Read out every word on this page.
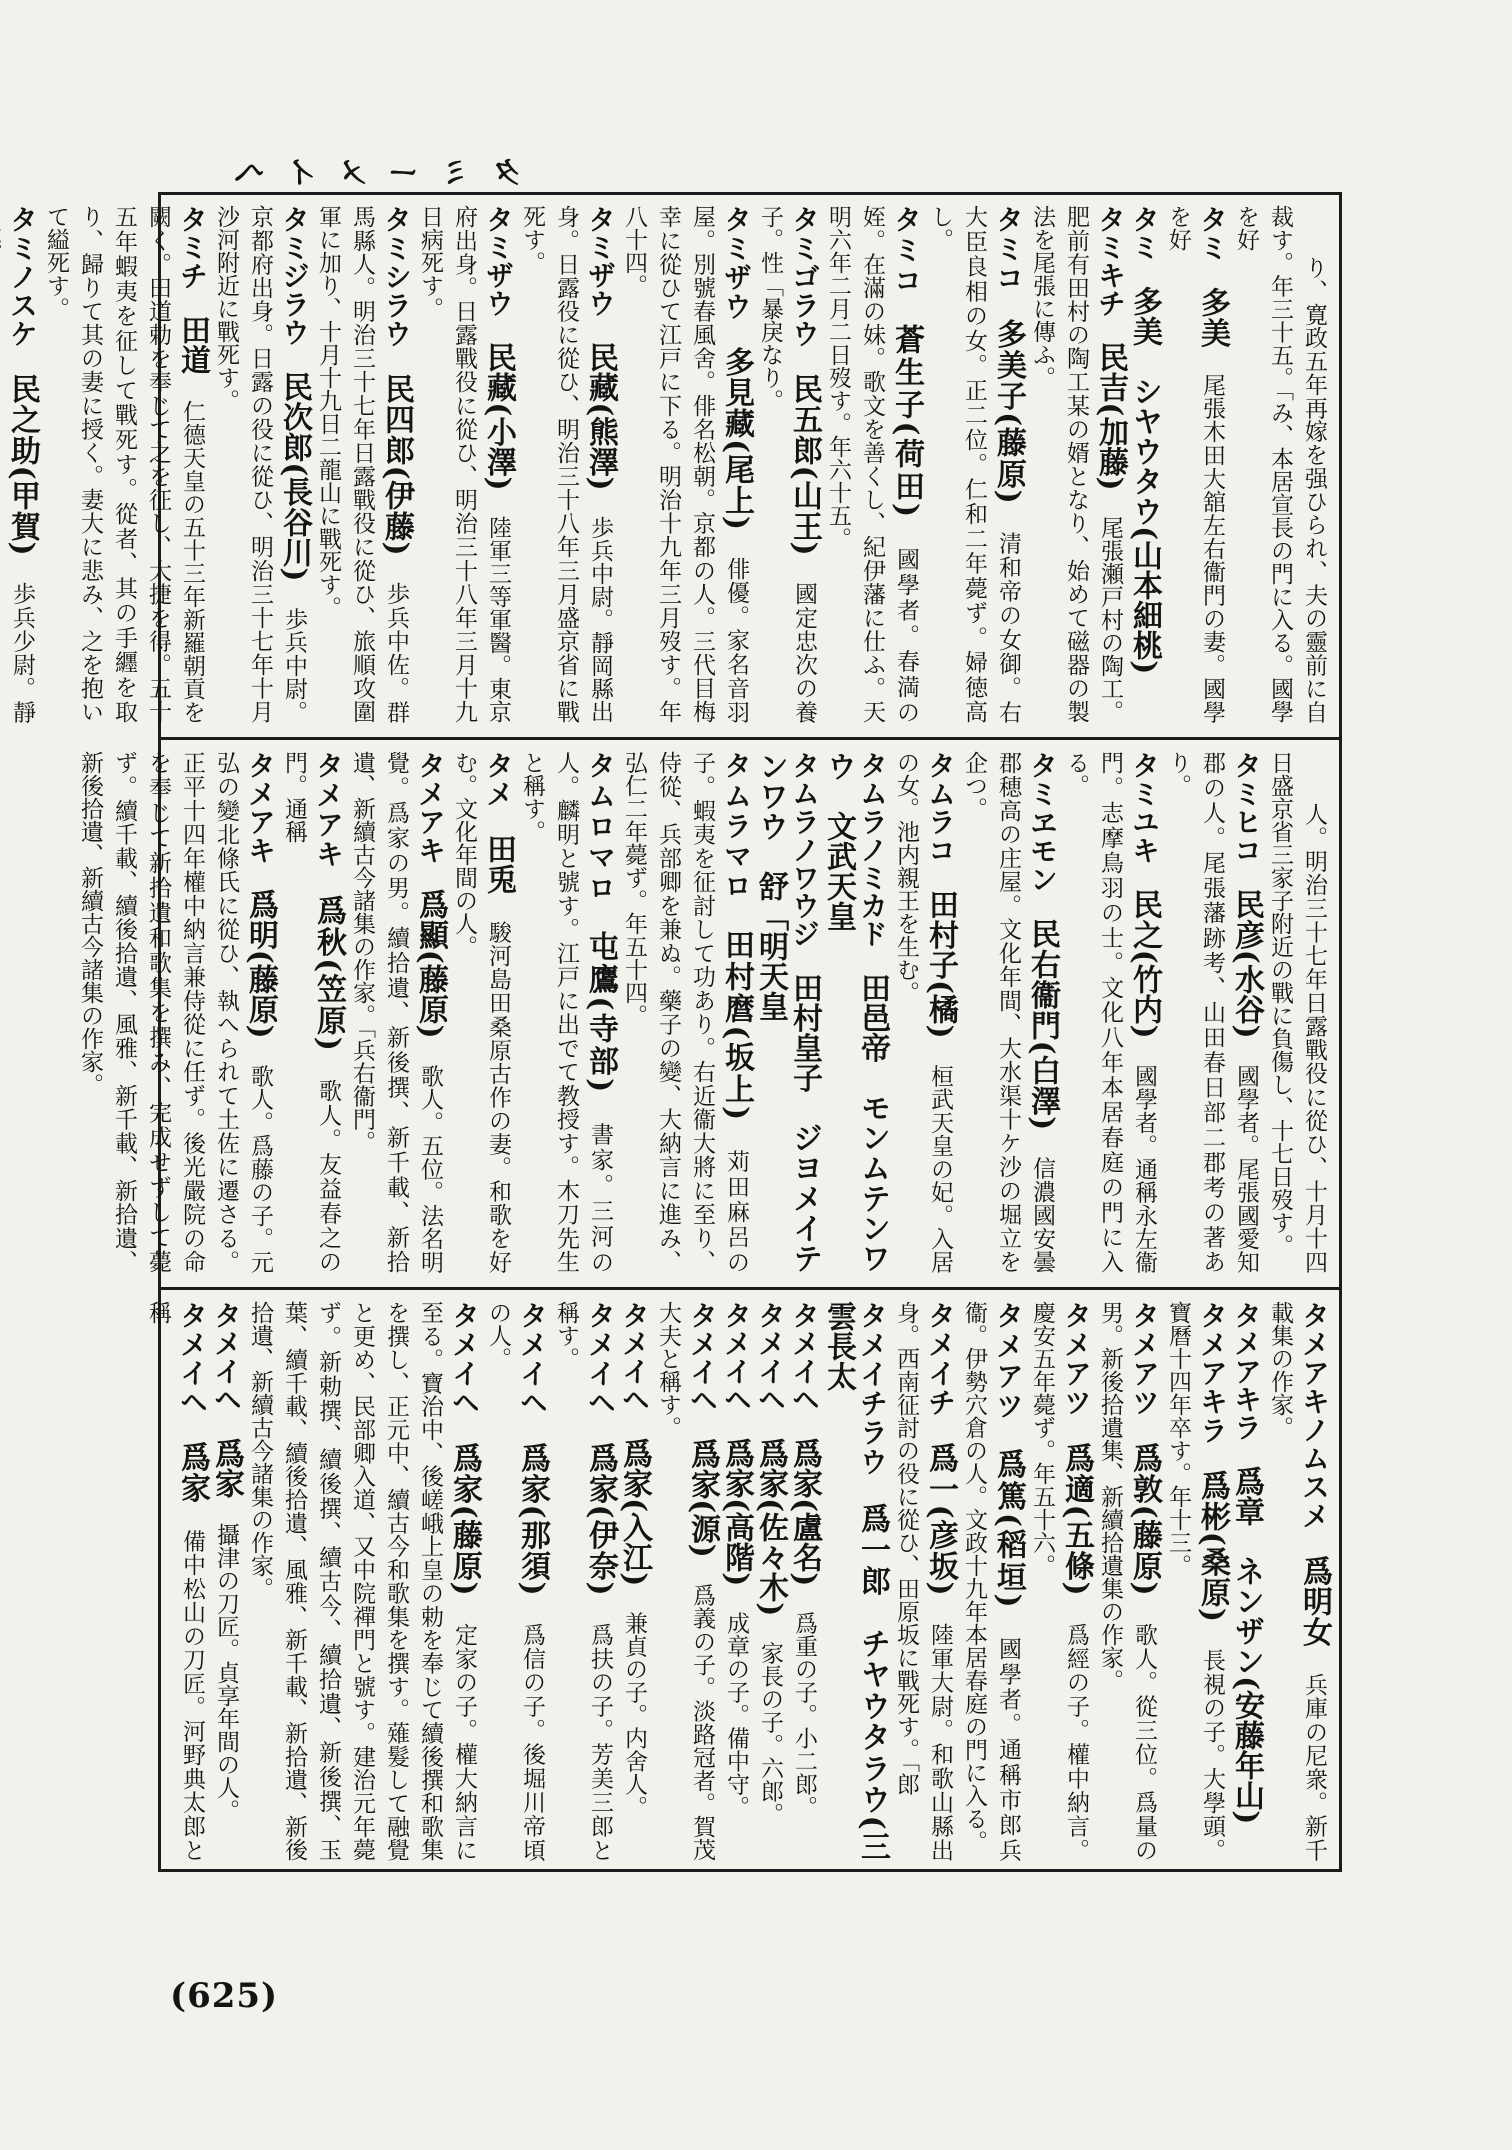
タミーメイへ

　　り、寛政五年再嫁を强ひられ、夫の靈前に自裁す。年三十五。「み、本居宣長の門に入る。國學を好

タミ　多美　尾張木田大舘左右衞門の妻。國學を好

タミ　多美　シヤウタウ(山本細桃)　

タミキチ　民吉(加藤)　尾張瀬戸村の陶工。肥前有田村の陶工某の婿となり、始めて磁器の製法を尾張に傳ふ。

タミコ　多美子(藤原)　清和帝の女御。右大臣良相の女。正二位。仁和二年薨ず。婦徳高し。

タミコ　蒼生子(荷田)　國學者。春満の姪。在滿の妹。歌文を善くし、紀伊藩に仕ふ。天明六年二月二日歿す。年六十五。

タミゴラウ　民五郎(山王)　國定忠次の養子。性「暴戾なり。

タミザウ　多見藏(尾上)　俳優。家名音羽屋。別號春風舍。俳名松朝。京都の人。三代目梅幸に從ひて江戸に下る。明治十九年三月歿す。年八十四。

タミザウ　民藏(熊澤)　歩兵中尉。靜岡縣出身。日露役に從ひ、明治三十八年三月盛京省に戰死す。

タミザウ　民藏(小澤)　陸軍三等軍醫。東京府出身。日露戰役に從ひ、明治三十八年三月十九日病死す。

タミシラウ　民四郎(伊藤)　歩兵中佐。群馬縣人。明治三十七年日露戰役に從ひ、旅順攻圍軍に加り、十月十九日二龍山に戰死す。

タミジラウ　民次郎(長谷川)　歩兵中尉。京都府出身。日露の役に從ひ、明治三十七年十月沙河附近に戰死す。

タミチ　田道　仁德天皇の五十三年新羅朝貢を闕く。田道勅を奉じて之を征し、大捷を得。五十五年蝦夷を征して戰死す。從者、其の手纒を取り、歸りて其の妻に授く。妻大に悲み、之を抱いて縊死す。

タミノスケ　民之助(甲賀)　歩兵少尉。靜

　　人。明治三十七年日露戰役に從ひ、十月十四日盛京省三家子附近の戰に負傷し、十七日歿す。

タミヒコ　民彦(水谷)　國學者。尾張國愛知郡の人。尾張藩跡考、山田春日部二郡考の著あり。

タミユキ　民之(竹内)　國學者。通稱永左衞門。志摩鳥羽の士。文化八年本居春庭の門に入る。

タミヱモン　民右衞門(白澤)　信濃國安曇郡穂高の庄屋。文化年間、大水渠十ケ沙の堀立を企つ。

タムラコ　田村子(橘)　桓武天皇の妃。入居の女。池内親王を生む。

タムラノミカド　田邑帝　モンムテンワウ　文武天皇　

タムラノワウジ　田村皇子　ジヨメイテンワウ　舒「明天皇　

タムラマロ　田村麿(坂上)　苅田麻呂の子。蝦夷を征討して功あり。右近衞大將に至り、侍從、兵部卿を兼ぬ。藥子の變、大納言に進み、弘仁二年薨ず。年五十四。

タムロマロ　屯鷹(寺部)　書家。三河の人。麟明と號す。江戸に出でて教授す。木刀先生と稱す。

タメ　田兎　駿河島田桑原古作の妻。和歌を好む。文化年間の人。

タメアキ　爲顯(藤原)　歌人。五位。法名明覺。爲家の男。續拾遺、新後撰、新千載、新拾遺、新續古今諸集の作家。「兵右衞門。

タメアキ　爲秋(笠原)　歌人。友益春之の門。通稱

タメアキ　爲明(藤原)　歌人。爲藤の子。元弘の變北條氏に從ひ、執へられて土佐に遷さる。正平十四年權中納言兼侍從に任ず。後光嚴院の命を奉じて新拾遺和歌集を撰み、完成せずして薨ず。續千載、續後拾遺、風雅、新千載、新拾遺、新後拾遺、新續古今諸集の作家。

タメアキノムスメ　爲明女　兵庫の尼衆。新千載集の作家。

タメアキラ　爲章　ネンザン(安藤年山)　

タメアキラ　爲彬(桑原)　長視の子。大學頭。寶曆十四年卒す。年十三。

タメアツ　爲敦(藤原)　歌人。從三位。爲量の男。新後拾遺集、新續拾遺集の作家。

タメアツ　爲適(五條)　爲經の子。權中納言。慶安五年薨ず。年五十六。

タメアツ　爲篤(稻垣)　國學者。通稱市郎兵衞。伊勢穴倉の人。文政十九年本居春庭の門に入る。

タメイチ　爲一(彦坂)　陸軍大尉。和歌山縣出身。西南征討の役に從ひ、田原坂に戰死す。「郎

タメイチラウ　爲一郎　チヤウタラウ(三雲長太　

タメイヘ　爲家(盧名)　爲重の子。小二郎。

タメイヘ　爲家(佐々木)　家長の子。六郎。

タメイヘ　爲家(高階)　成章の子。備中守。

タメイヘ　爲家(源)　爲義の子。淡路冠者。賀茂大夫と稱す。

タメイヘ　爲家(入江)　兼貞の子。内舍人。

タメイヘ　爲家(伊奈)　爲扶の子。芳美三郎と稱す。

タメイヘ　爲家(那須)　爲信の子。後堀川帝頃の人。

タメイヘ　爲家(藤原)　定家の子。權大納言に至る。寶治中、後嵯峨上皇の勅を奉じて續後撰和歌集を撰し、正元中、續古今和歌集を撰す。薙髮して融覺と更め、民部卿入道、又中院禪門と號す。建治元年薨ず。新勅撰、續後撰、續古今、續拾遺、新後撰、玉葉、續千載、續後拾遺、風雅、新千載、新拾遺、新後拾遺、新續古今諸集の作家。

タメイヘ　爲家　攝津の刀匠。貞享年間の人。

タメイヘ　爲家　備中松山の刀匠。河野典太郎と稱

(625)
